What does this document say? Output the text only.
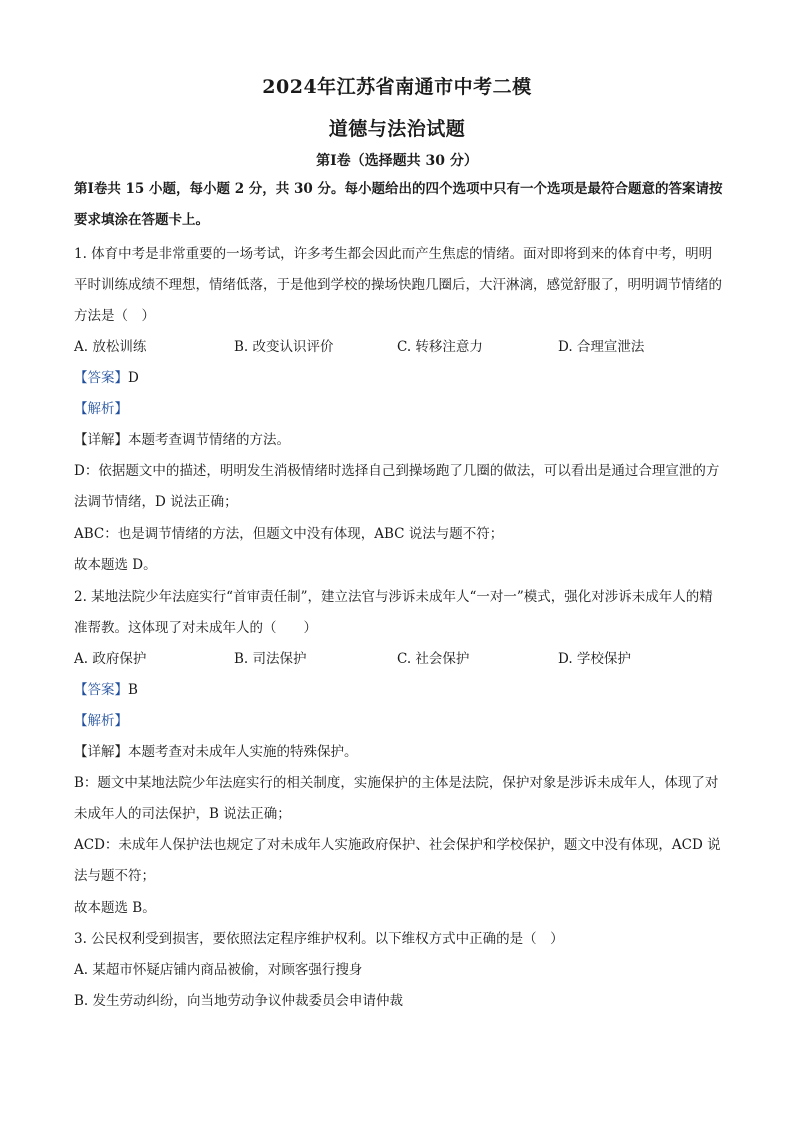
2024年江苏省南通市中考二模
道德与法治试题
第Ⅰ卷（选择题共 30 分）
第Ⅰ卷共 15 小题，每小题 2 分，共 30 分。每小题给出的四个选项中只有一个选项是最符合题意的答案请按要求填涂在答题卡上。
1. 体育中考是非常重要的一场考试，许多考生都会因此而产生焦虑的情绪。面对即将到来的体育中考，明明平时训练成绩不理想，情绪低落，于是他到学校的操场快跑几圈后，大汗淋漓，感觉舒服了，明明调节情绪的方法是（　）
A. 放松训练	B. 改变认识评价	C. 转移注意力	D. 合理宣泄法
【答案】D
【解析】
【详解】本题考查调节情绪的方法。
D：依据题文中的描述，明明发生消极情绪时选择自己到操场跑了几圈的做法，可以看出是通过合理宣泄的方法调节情绪，D 说法正确；
ABC：也是调节情绪的方法，但题文中没有体现，ABC 说法与题不符；
故本题选 D。
2. 某地法院少年法庭实行“首审责任制”，建立法官与涉诉未成年人“一对一”模式，强化对涉诉未成年人的精准帮教。这体现了对未成年人的（　　）
A. 政府保护	B. 司法保护	C. 社会保护	D. 学校保护
【答案】B
【解析】
【详解】本题考查对未成年人实施的特殊保护。
B：题文中某地法院少年法庭实行的相关制度，实施保护的主体是法院，保护对象是涉诉未成年人，体现了对未成年人的司法保护，B 说法正确；
ACD：未成年人保护法也规定了对未成年人实施政府保护、社会保护和学校保护，题文中没有体现，ACD 说法与题不符；
故本题选 B。
3. 公民权利受到损害，要依照法定程序维护权利。以下维权方式中正确的是（　）
A. 某超市怀疑店铺内商品被偷，对顾客强行搜身
B. 发生劳动纠纷，向当地劳动争议仲裁委员会申请仲裁
